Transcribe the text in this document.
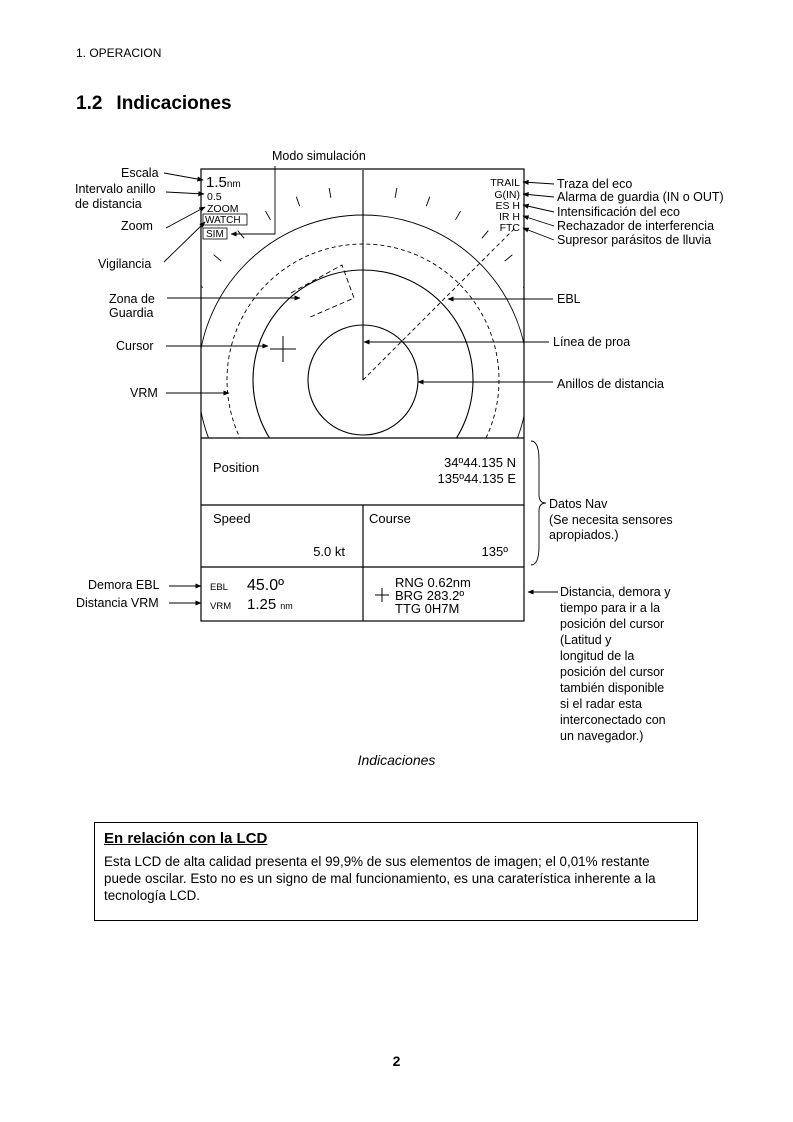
1. OPERACION
1.2 Indicaciones
1.5nm
0.5
ZOOM
WATCH
SIM
TRAIL
G(IN)
ES H
IR H
FTC
Position	34º44.135 N
135º44.135 E
Speed
5.0 kt
Course
135º
EBL 45.0º
VRM 1.25 nm
RNG 0.62nm
BRG 283.2º
TTG 0H7M
Modo simulación
Escala
Intervalo anillo
de distancia
Zoom
Vigilancia
Zona de
Guardia
Cursor
VRM
Demora EBL
Distancia VRM
Traza del eco
Alarma de guardia (IN o OUT)
Intensificación del eco
Rechazador de interferencia
Supresor parásitos de lluvia
EBL
Línea de proa
Anillos de distancia
Datos Nav
(Se necesita sensores
apropiados.)
Distancia, demora y
tiempo para ir a la
posición del cursor
(Latitud y
longitud de la
posición del cursor
también disponible
si el radar esta
interconectado con
un navegador.)
Indicaciones
En relación con la LCD
Esta LCD de alta calidad presenta el 99,9% de sus elementos de imagen; el 0,01% restante puede oscilar. Esto no es un signo de mal funcionamiento, es una caraterística inherente a la tecnología LCD.
2
